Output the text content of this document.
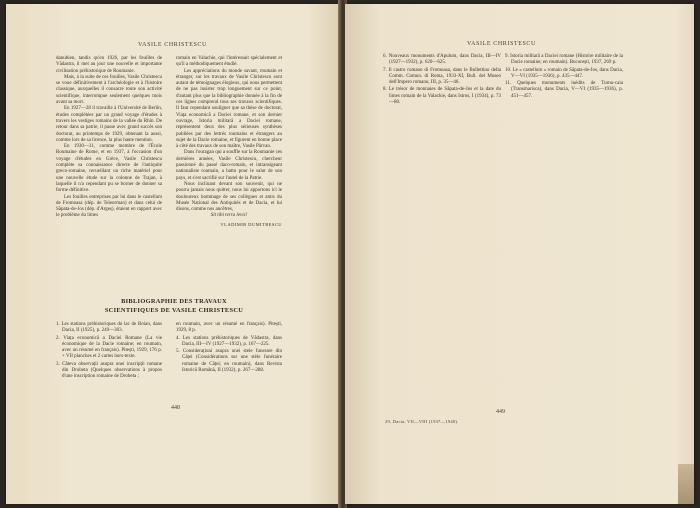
VASILE CHRISTESCU

danubien, tandis qu'en 1926, par les fouilles de Vădastra, il met au jour une nouvelle et importante civilisation préhistorique de Roumanie.

Mais, à la suite de ces fouilles, Vasile Christescu se voue définitivement à l'archéologie et à l'histoire classique, auxquelles il consacre toute son activité scientifique, interrompue seulement quelques mois avant sa mort.

En 1927—28 il travaille à l'Université de Berlin, études complétées par un grand voyage d'études à travers les vestiges romains de la vallée du Rhin. De retour dans sa patrie, il passe avec grand succès son doctorat, au printemps de 1929, obtenant la aussi, comme lors de sa licence, la plus haute mention.

En 1930—31, comme membre de l'École Roumaine de Rome, et en 1937, à l'occasion d'un voyage d'études en Grèce, Vasile Christescu complète sa connaissance directe de l'antiquité greco-romaine, recueillant un riche matériel pour une nouvelle étude sur la colonne de Trajan, à laquelle il n'a cependant pu se borner de donner sa forme définitive.

Les fouilles entreprises par lui dans le castellum de Fromoasa (dép. de Teleorman) et dans celui de Săpata-de-Jos (dép. d'Argeș), étaient en rapport avec le problème du limes

romain en Valachie, qui l'intéressait spécialement et qu'il a méthodiquement étudié.

Les appréciations du monde savant, roumain et étranger, sur les travaux de Vasile Christescu sont autant de témoignages élogieux, qui nous permettent de ne pas insister trop longuement sur ce point, d'autant plus que la bibliographie donnée à la fin de ces lignes comprend tous ses travaux scientifiques. Il faut cependant souligner que sa thèse de doctorat, Viața economică a Daciei romane, et son dernier ouvrage, Istoria militară a Daciei romane, représentent deux des plus sérieuses synthèses publiées par des lettrés roumains et étrangers au sujet de la Dacie romaine, et figurent en bonne place à côté des travaux de son maître, Vasile Pârvan.

Dans l'ouragan qui a souffle sur la Roumanie ces dernières années, Vasile Christescu, chercheur passionné du passé daco-romain, et intransigeant nationaliste roumain, a battu pour le salut de son pays, et s'est sacrifié sur l'autel de la Patrie.

Nous inclinant devant son souvenir, qui ne pourra jamais nous quitter, nous lui apportons ici le douloureux hommage de ses collègues et amis du Musée National des Antiquités et de Dacia, et lui disons, comme nos ancêtres,

Sit tibi terra levis!

VLADIMIR DUMITRESCU
BIBLIOGRAPHIE DES TRAVAUX SCIENTIFIQUES DE VASILE CHRISTESCU
1. Les stations préhistoriques du lac de Boian, dans Dacia, II (1925), p. 249—303.
2. Viața economică a Daciei Romane (La vie économique de la Dacie romaine; en roumain, avec un résumé en français). Pitești, 1929, 176 p. + VII planches et 2 cartes hors-texte.
3. Câteva observații asupra unei inscripții romane din Drobeta (Quelques observations à propos d'une inscription romaine de Drobeta ;
en roumain, avec un résumé en français). Pitești, 1929, 8 p.
4. Les stations préhistoriques de Vădastra, dans Dacia, III—IV (1927—1932), p. 167—225.
5. Considerațiuni asupra unei stele funerare din Câței (Considérations sur une stèle funéraire romaine de Câței; en roumain), dans Revista Istorică Română, II (1932), p. 267—288.
448
VASILE CHRISTESCU
6. Nouveaux monuments d'Apulum, dans Dacia, III—IV (1927—1932), p. 620—625.
7. Il castro romano di Fromoasa, dans le Bullettino della Comm. Comun. di Roma, 1933-XI, Bull. del Museo dell'Impero romano, III, p. 35—46.
8. Le trésor de monnaies de Săpata-de-Jos et la date du limes romain de la Valachie, dans Istros, I (1934), p. 73—80.
9. Istoria militară a Daciei romane (Histoire militaire de la Dacie romaine; en roumain). București, 1937, 269 p.
10. Le « castellum » romain de Săpata-de-Jos, dans Dacia, V—VI (1935—1936), p. 435—447.
11. Quelques monuments inédits de Turnu-caia (Transmarisca), dans Dacia, V—VI (1935—1936), p. 451—457.
29, Dacia, VII—VIII (1937—1940).
449
